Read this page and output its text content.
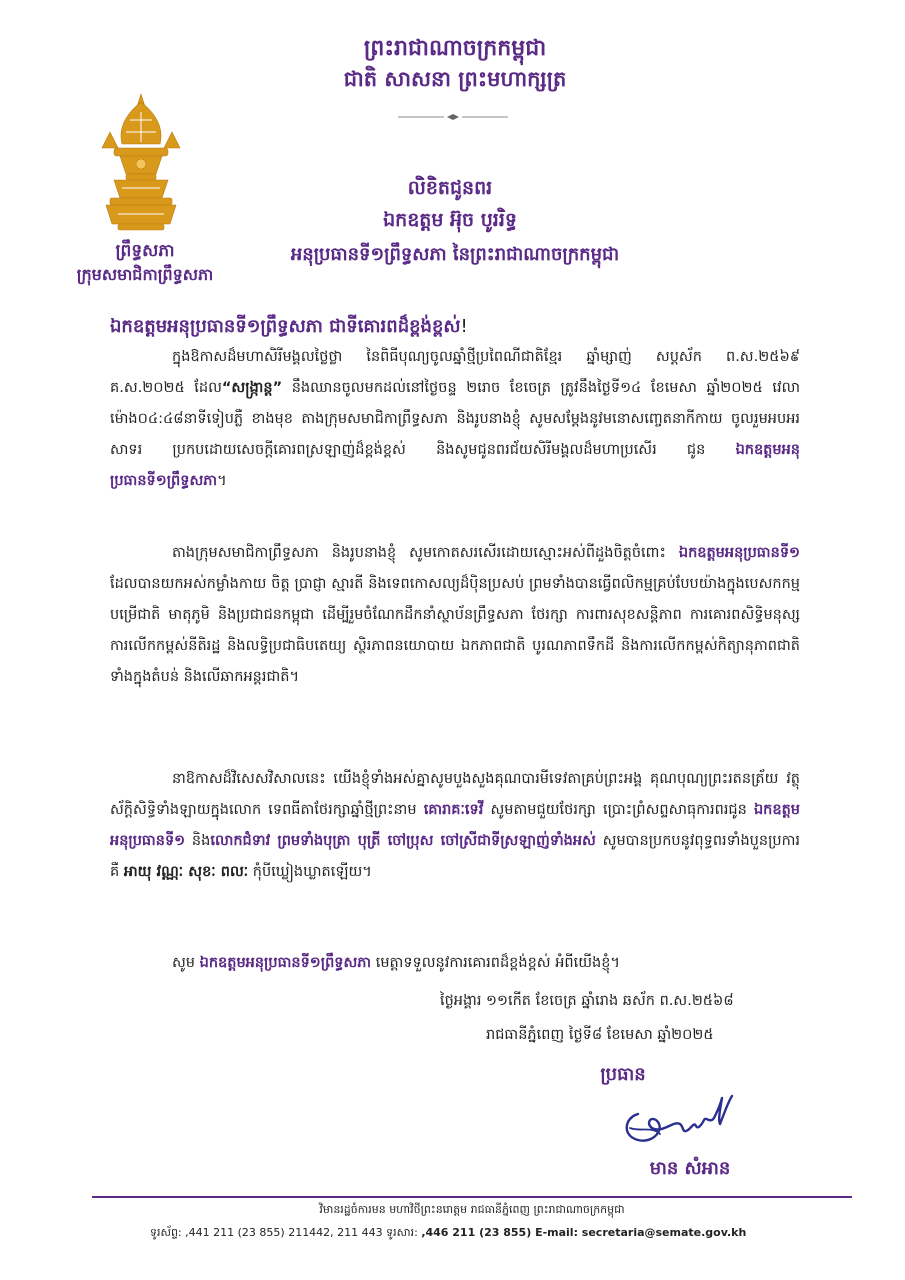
ព្រះរាជាណាចក្រកម្ពុជា
ជាតិ សាសនា ព្រះមហាក្សត្រ
ព្រឹទ្ធសភា
ក្រុមសមាជិកាព្រឹទ្ធសភា
លិខិតជូនពរ
ឯកឧត្តម អ៊ុច បូររិទ្ធ
អនុប្រធានទី១ព្រឹទ្ធសភា នៃព្រះរាជាណាចក្រកម្ពុជា
ឯកឧត្តមអនុប្រធានទី១ព្រឹទ្ធសភា ជាទីគោរពដ៏ខ្ពង់ខ្ពស់!
ក្នុងឱកាសដ៏មហាសិរីមង្គលថ្លៃថ្លា នៃពិធីបុណ្យចូលឆ្នាំថ្មីប្រពៃណីជាតិខ្មែរ ឆ្នាំម្សាញ់ សប្តស័ក ព.ស.២៥៦៩ គ.ស.២០២៥ ដែល“សង្ក្រាន្ត” នឹងឈានចូលមកដល់នៅថ្ងៃចន្ទ ២រោច ខែចេត្រ ត្រូវនឹងថ្ងៃទី១៤ ខែមេសា ឆ្នាំ២០២៥ វេលាម៉ោង០៤:៤៨នាទីទៀបភ្លឺ ខាងមុខ តាងក្រុមសមាជិកាព្រឹទ្ធសភា និងរូបនាងខ្ញុំ សូមសម្តែងនូវមនោសញ្ចេតនាកីកាយ ចូលរួមអបអរសាទរ ប្រកបដោយសេចក្តីគោរពស្រឡាញ់ដ៏ខ្ពង់ខ្ពស់ និងសូមជូនពរជ័យសិរីមង្គលដ៏មហាប្រសើរ ជូន ឯកឧត្តមអនុប្រធានទី១ព្រឹទ្ធសភា។
តាងក្រុមសមាជិកាព្រឹទ្ធសភា និងរូបនាងខ្ញុំ សូមកោតសរសើរដោយស្មោះអស់ពីដួងចិត្តចំពោះ ឯកឧត្តមអនុប្រធានទី១ ដែលបានយកអស់កម្លាំងកាយ ចិត្ត ប្រាជ្ញា ស្មារតី និងទេពកោសល្យដ៏ប៉ិនប្រសប់ ព្រមទាំងបានធ្វើពលិកម្មគ្រប់បែបយ៉ាងក្នុងបេសកកម្ម បម្រើជាតិ មាតុភូមិ និងប្រជាជនកម្ពុជា ដើម្បីរួមចំណែកដឹកនាំស្ថាប័នព្រឹទ្ធសភា ថែរក្សា ការពារសុខសន្តិភាព ការគោរពសិទ្ធិមនុស្ស ការលើកកម្ពស់នីតិរដ្ឋ និងលទ្ធិប្រជាធិបតេយ្យ ស្ថិរភាពនយោបាយ ឯកភាពជាតិ បូរណភាពទឹកដី និងការលើកកម្ពស់កិត្យានុភាពជាតិ ទាំងក្នុងតំបន់ និងលើឆាកអន្តរជាតិ។
នាឱកាសដ៏វិសេសវិសាលនេះ យើងខ្ញុំទាំងអស់គ្នាសូមបួងសួងគុណបារមីទេវតាគ្រប់ព្រះអង្គ គុណបុណ្យព្រះរតនត្រ័យ វត្ថុស័ក្តិសិទ្ធិទាំងឡាយក្នុងលោក ទេពធីតាថែរក្សាឆ្នាំថ្មីព្រះនាម គោរាគៈទេវី សូមតាមជួយថែរក្សា ប្រោះព្រំសព្ទសាធុការពរជូន ឯកឧត្តមអនុប្រធានទី១ និងលោកជំទាវ ព្រមទាំងបុត្រា បុត្រី ចៅប្រុស ចៅស្រីជាទីស្រឡាញ់ទាំងអស់ សូមបានប្រកបនូវពុទ្ធពរទាំងបួនប្រការ គឺ អាយុ វណ្ណៈ សុខៈ ពលៈ កុំបីឃ្លៀងឃ្លាតឡើយ។
សូម ឯកឧត្តមអនុប្រធានទី១ព្រឹទ្ធសភា មេត្តាទទួលនូវការគោរពដ៏ខ្ពង់ខ្ពស់ អំពីយើងខ្ញុំ។
ថ្ងៃអង្គារ ១១កើត ខែចេត្រ ឆ្នាំរោង ឆស័ក ព.ស.២៥៦៨
រាជធានីភ្នំពេញ ថ្ងៃទី៨ ខែមេសា ឆ្នាំ២០២៥
ប្រធាន
មាន សំអាន
វិមានរដ្ឋចំការមន មហាវិថីព្រះនរោត្តម រាជធានីភ្នំពេញ ព្រះរាជាណាចក្រកម្ពុជា
ទូរស័ព្ទ: ,441 211 (23 855) 211442, 211 443 ទូរសារ: ,446 211 (23 855) E-mail: secretaria@semate.gov.kh
